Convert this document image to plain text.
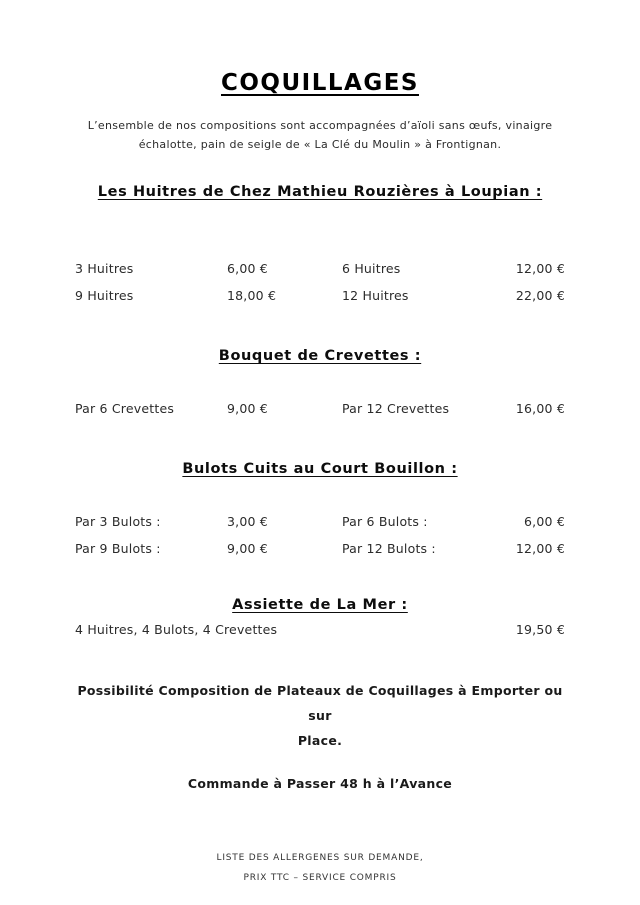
COQUILLAGES
L’ensemble de nos compositions sont accompagnées d’aïoli sans œufs, vinaigre
échalotte, pain de seigle de « La Clé du Moulin » à Frontignan.
Les Huitres de Chez Mathieu Rouzières à Loupian :
3 Huitres	6,00 €	6 Huitres	12,00 €
9 Huitres	18,00 €	12 Huitres	22,00 €
Bouquet de Crevettes :
Par 6 Crevettes	9,00 €	Par 12 Crevettes	16,00 €
Bulots Cuits au Court Bouillon :
Par 3 Bulots :	3,00 €	Par 6 Bulots :	6,00 €
Par 9 Bulots :	9,00 €	Par 12 Bulots :	12,00 €
Assiette de La Mer :
4 Huitres, 4 Bulots, 4 Crevettes	19,50 €
Possibilité Composition de Plateaux de Coquillages à Emporter ou sur
Place.
Commande à Passer 48 h à l’Avance
LISTE DES ALLERGENES SUR DEMANDE,
PRIX TTC – SERVICE COMPRIS
